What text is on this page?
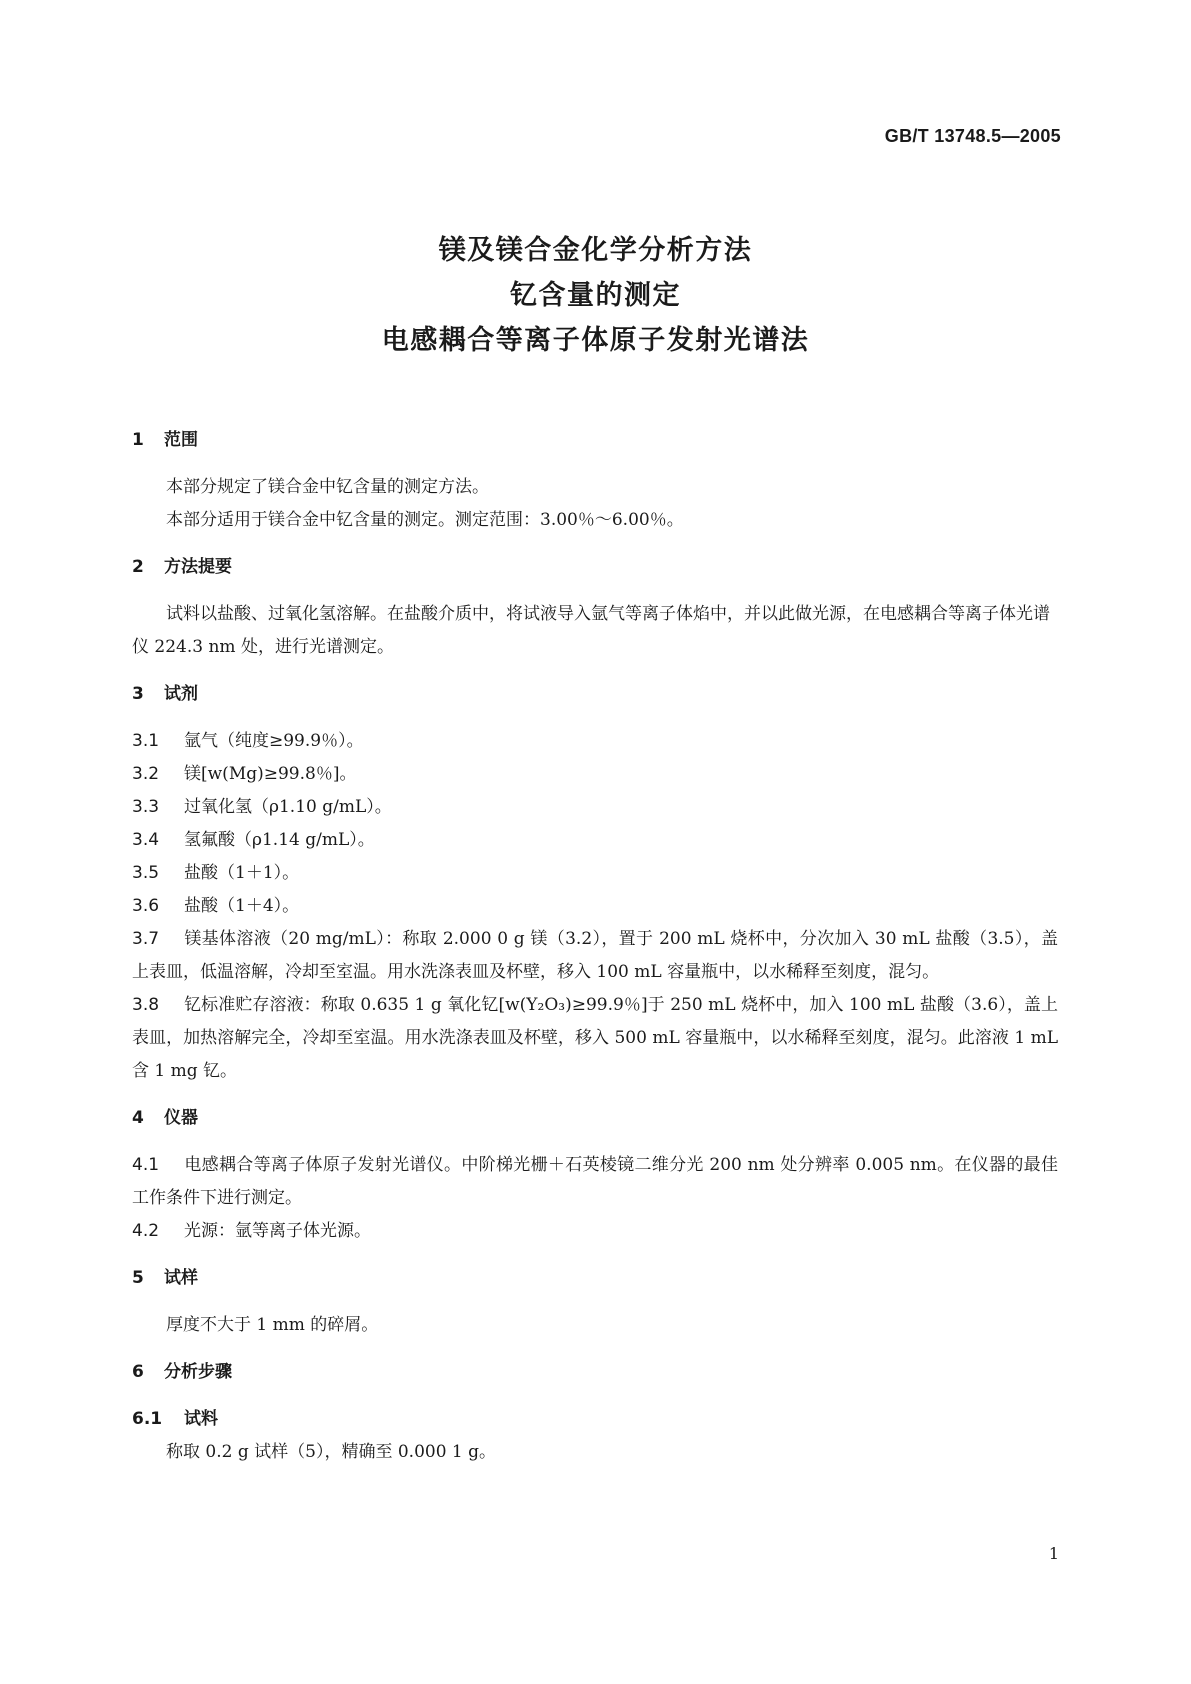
GB/T 13748.5—2005
镁及镁合金化学分析方法
钇含量的测定
电感耦合等离子体原子发射光谱法
1 范围

本部分规定了镁合金中钇含量的测定方法。

本部分适用于镁合金中钇含量的测定。测定范围：3.00％～6.00％。

2 方法提要

试料以盐酸、过氧化氢溶解。在盐酸介质中，将试液导入氩气等离子体焰中，并以此做光源，在电感耦合等离子体光谱仪 224.3 nm 处，进行光谱测定。

3 试剂

3.1 氩气（纯度≥99.9％）。

3.2 镁[w(Mg)≥99.8％]。

3.3 过氧化氢（ρ1.10 g/mL）。

3.4 氢氟酸（ρ1.14 g/mL）。

3.5 盐酸（1＋1）。

3.6 盐酸（1＋4）。

3.7 镁基体溶液（20 mg/mL）：称取 2.000 0 g 镁（3.2），置于 200 mL 烧杯中，分次加入 30 mL 盐酸（3.5），盖上表皿，低温溶解，冷却至室温。用水洗涤表皿及杯壁，移入 100 mL 容量瓶中，以水稀释至刻度，混匀。

3.8 钇标准贮存溶液：称取 0.635 1 g 氧化钇[w(Y₂O₃)≥99.9％]于 250 mL 烧杯中，加入 100 mL 盐酸（3.6），盖上表皿，加热溶解完全，冷却至室温。用水洗涤表皿及杯壁，移入 500 mL 容量瓶中，以水稀释至刻度，混匀。此溶液 1 mL 含 1 mg 钇。

4 仪器

4.1 电感耦合等离子体原子发射光谱仪。中阶梯光栅＋石英棱镜二维分光 200 nm 处分辨率 0.005 nm。在仪器的最佳工作条件下进行测定。

4.2 光源：氩等离子体光源。

5 试样

厚度不大于 1 mm 的碎屑。

6 分析步骤
6.1 试料

称取 0.2 g 试样（5），精确至 0.000 1 g。

1
